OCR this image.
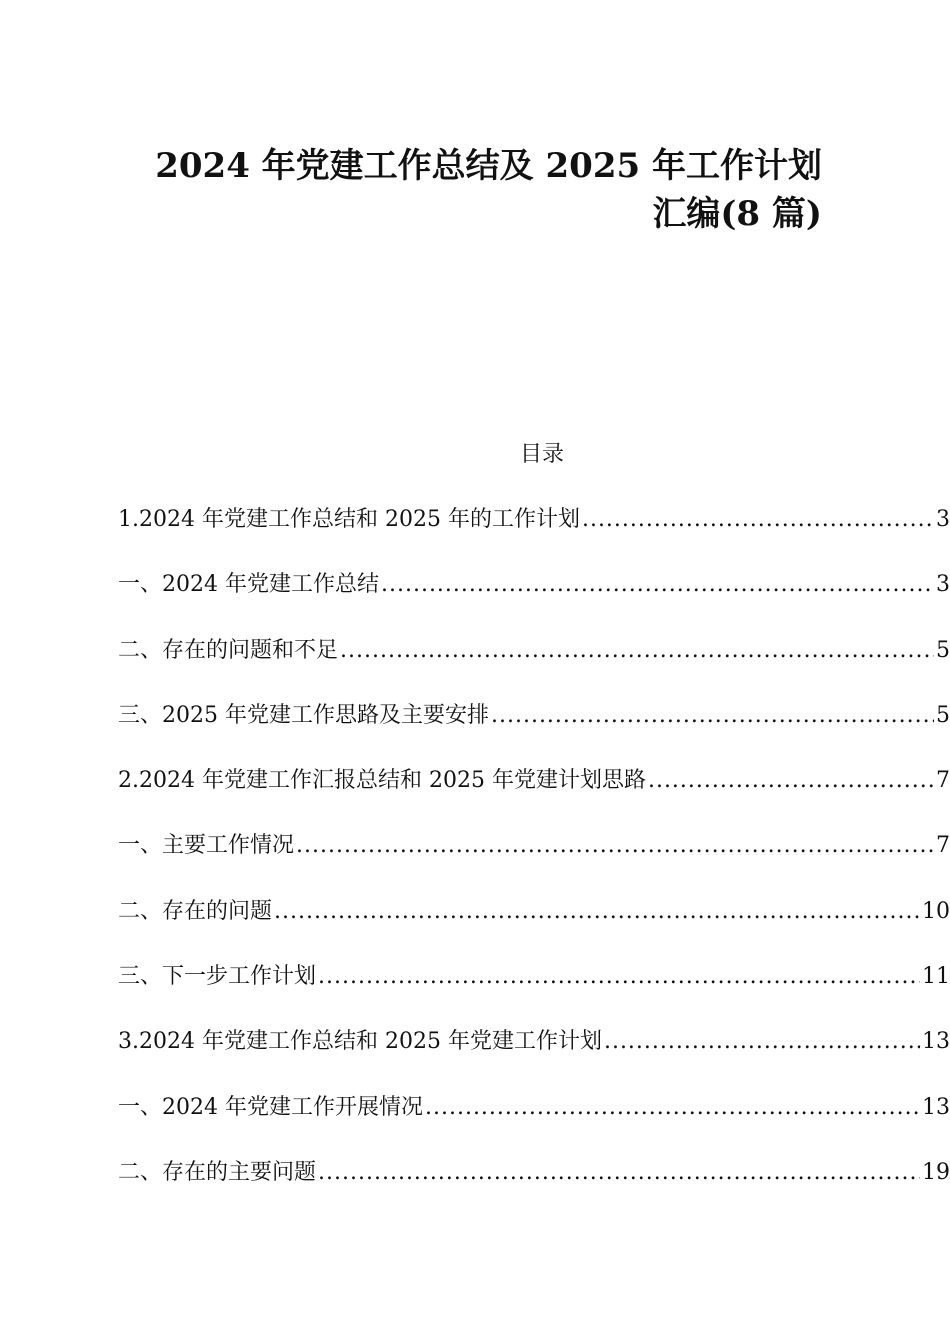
2024 年党建工作总结及 2025 年工作计划
汇编(8 篇)
目录
1.2024 年党建工作总结和 2025 年的工作计划 .....	3
一、2024 年党建工作总结 .....	3
二、存在的问题和不足 .....	5
三、2025 年党建工作思路及主要安排 .....	5
2.2024 年党建工作汇报总结和 2025 年党建计划思路 .....	7
一、主要工作情况 .....	7
二、存在的问题 .....	10
三、下一步工作计划 .....	11
3.2024 年党建工作总结和 2025 年党建工作计划 .....	13
一、2024 年党建工作开展情况 .....	13
二、存在的主要问题 .....	19
